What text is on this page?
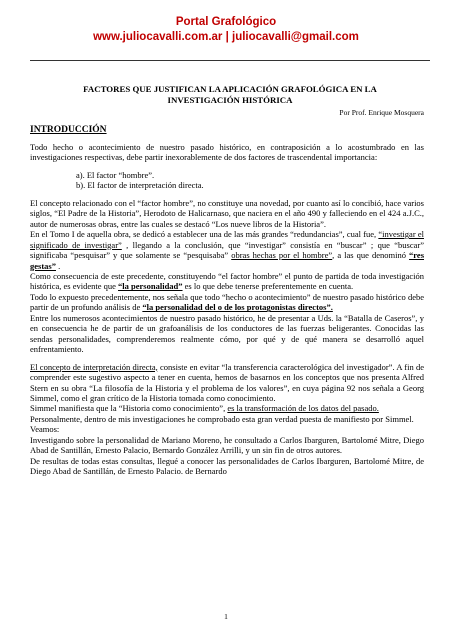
Portal Grafológico
www.juliocavalli.com.ar | juliocavalli@gmail.com
FACTORES QUE JUSTIFICAN LA APLICACIÓN GRAFOLÓGICA EN LA INVESTIGACIÓN HISTÓRICA
Por Prof. Enrique Mosquera
INTRODUCCIÓN

Todo hecho o acontecimiento de nuestro pasado histórico, en contraposición a lo acostumbrado en las investigaciones respectivas, debe partir inexorablemente de dos factores de trascendental importancia:

a). El factor “hombre”.

b). El factor de interpretación directa.

El concepto relacionado con el “factor hombre”, no constituye una novedad, por cuanto así lo concibió, hace varios siglos, “El Padre de la Historia”, Herodoto de Halicarnaso, que naciera en el año 490 y falleciendo en el 424 a.J.C., autor de numerosas obras, entre las cuales se destacó “Los nueve libros de la Historia”.

En el Tomo I de aquella obra, se dedicó a establecer una de las más grandes “redundancias”, cual fue, “investigar el significado de investigar” , llegando a la conclusión, que “investigar” consistía en “buscar” ; que “buscar” significaba “pesquisar” y que solamente se “pesquisaba” obras hechas por el hombre”, a las que denominó “res gestas” .

Como consecuencia de este precedente, constituyendo “el factor hombre” el punto de partida de toda investigación histórica, es evidente que “la personalidad” es lo que debe tenerse preferentemente en cuenta.

Todo lo expuesto precedentemente, nos señala que todo “hecho o acontecimiento” de nuestro pasado histórico debe partir de un profundo análisis de “la personalidad del o de los protagonistas directos”.

Entre los numerosos acontecimientos de nuestro pasado histórico, he de presentar a Uds. la “Batalla de Caseros”, y en consecuencia he de partir de un grafoanálisis de los conductores de las fuerzas beligerantes. Conocidas las sendas personalidades, comprenderemos realmente cómo, por qué y de qué manera se desarrolló aquel enfrentamiento.

El concepto de interpretación directa, consiste en evitar “la transferencia caracterológica del investigador”. A fin de comprender este sugestivo aspecto a tener en cuenta, hemos de basarnos en los conceptos que nos presenta Alfred Stern en su obra “La filosofía de la Historia y el problema de los valores”, en cuya página 92 nos señala a Georg Simmel, como el gran crítico de la Historia tomada como conocimiento.

Simmel manifiesta que la “Historia como conocimiento”, es la transformación de los datos del pasado.

Personalmente, dentro de mis investigaciones he comprobado esta gran verdad puesta de manifiesto por Simmel.

Veamos:

Investigando sobre la personalidad de Mariano Moreno, he consultado a Carlos Ibarguren, Bartolomé Mitre, Diego Abad de Santillán, Ernesto Palacio, Bernardo González Arrilli, y un sin fin de otros autores.

De resultas de todas estas consultas, llegué a conocer las personalidades de Carlos Ibarguren, Bartolomé Mitre, de Diego Abad de Santillán, de Ernesto Palacio. de Bernardo

1
